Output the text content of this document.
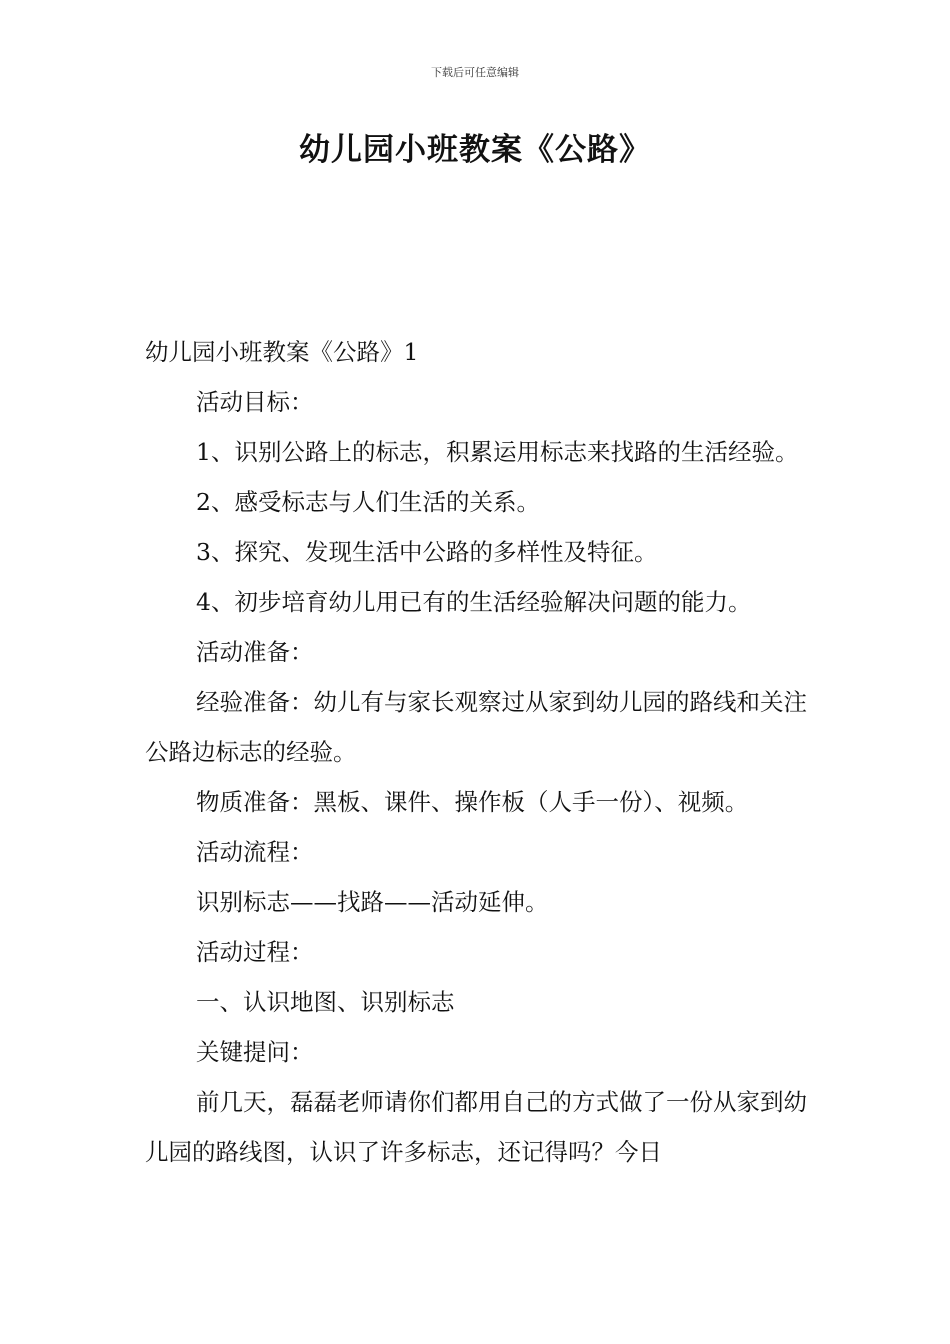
下载后可任意编辑
幼儿园小班教案《公路》

幼儿园小班教案《公路》1

活动目标：

1、识别公路上的标志，积累运用标志来找路的生活经验。

2、感受标志与人们生活的关系。

3、探究、发现生活中公路的多样性及特征。

4、初步培育幼儿用已有的生活经验解决问题的能力。

活动准备：

经验准备：幼儿有与家长观察过从家到幼儿园的路线和关注公路边标志的经验。

物质准备：黑板、课件、操作板（人手一份）、视频。

活动流程：

识别标志——找路——活动延伸。

活动过程：

一、认识地图、识别标志

关键提问：

前几天，磊磊老师请你们都用自己的方式做了一份从家到幼儿园的路线图，认识了许多标志，还记得吗？今日
